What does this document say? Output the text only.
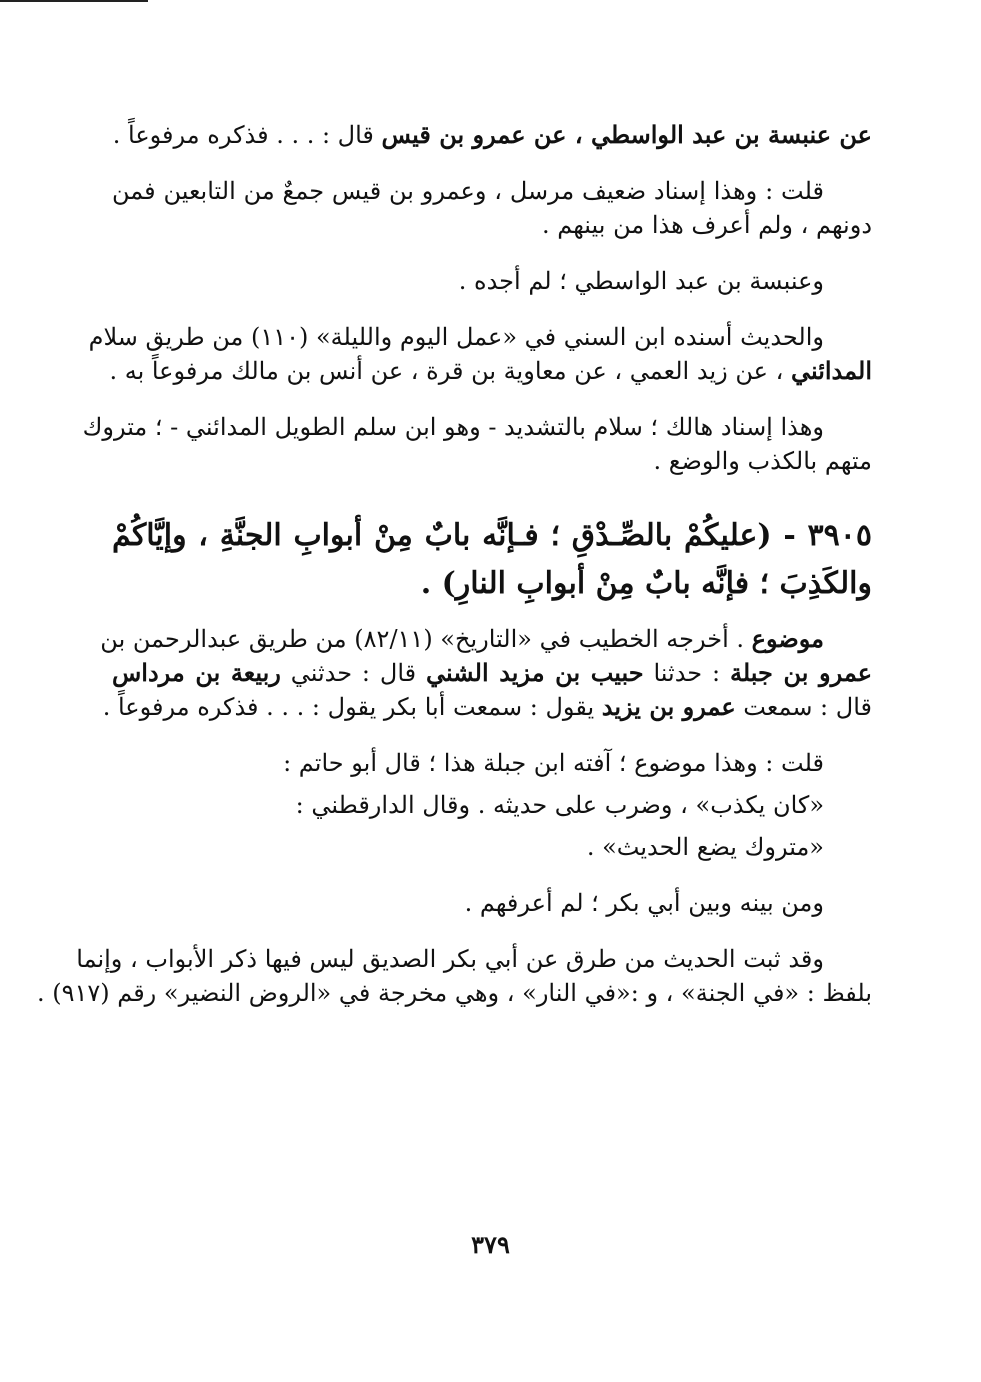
عن عنبسة بن عبد الواسطي ، عن عمرو بن قيس قال : . . . فذكره مرفوعاً .
قلت : وهذا إسناد ضعيف مرسل ، وعمرو بن قيس جمعٌ من التابعين فمن
دونهم ، ولم أعرف هذا من بينهم .
وعنبسة بن عبد الواسطي ؛ لم أجده .
والحديث أسنده ابن السني في «عمل اليوم والليلة» (١١٠) من طريق سلام
المدائني ، عن زيد العمي ، عن معاوية بن قرة ، عن أنس بن مالك مرفوعاً به .
وهذا إسناد هالك ؛ سلام بالتشديد - وهو ابن سلم الطويل المدائني - ؛ متروك
متهم بالكذب والوضع .
٣٩٠٥ - (عليكُمْ بالصِّـدْقِ ؛ فـإنَّه بابٌ مِنْ أبوابِ الجنَّةِ ، وإيَّاكُمْ
والكَذِبَ ؛ فإنَّه بابٌ مِنْ أبوابِ النارِ) .
موضوع . أخرجه الخطيب في «التاريخ» (٨٢/١١) من طريق عبدالرحمن بن
عمرو بن جبلة : حدثنا حبيب بن مزيد الشني قال : حدثني ربيعة بن مرداس
قال : سمعت عمرو بن يزيد يقول : سمعت أبا بكر يقول : . . . فذكره مرفوعاً .
قلت : وهذا موضوع ؛ آفته ابن جبلة هذا ؛ قال أبو حاتم :
«كان يكذب» ، وضرب على حديثه . وقال الدارقطني :
«متروك يضع الحديث» .
ومن بينه وبين أبي بكر ؛ لم أعرفهم .
وقد ثبت الحديث من طرق عن أبي بكر الصديق ليس فيها ذكر الأبواب ، وإنما
بلفظ : «في الجنة» ، و :«في النار» ، وهي مخرجة في «الروض النضير» رقم (٩١٧) .
٣٧٩
